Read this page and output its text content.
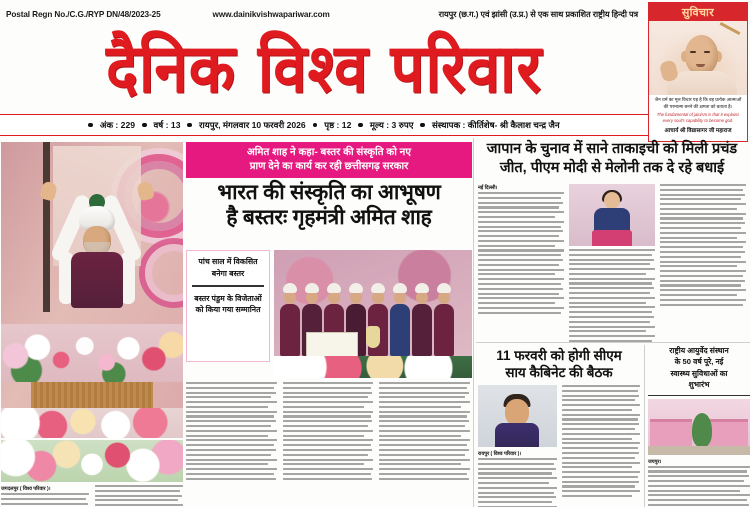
Postal Regn No./C.G./RYP DN/48/2023-25	www.dainikvishwapariwar.com	रायपुर (छ.ग.) एवं झांसी (उ.प्र.) से एक साथ प्रकाशित राष्ट्रीय हिन्दी पत्र
दैनिक विश्व परिवार
अंक : 229 वर्ष : 13 रायपुर, मंगलवार 10 फरवरी 2026 पृष्ठ : 12 मूल्य : 3 रुपए संस्थापक : कीर्तिशेष- श्री कैलाश चन्द्र जैन
सुविचार
जैन धर्म का मूल विचार यह है कि वह प्रत्येक आत्माओं की परमात्मा बनने की क्षमता को बताता है।
The fundamental of jainism is that it explains every soul's capability to become god.
आचार्य श्री विद्यासागर जी महाराज
अमित शाह ने कहा- बस्तर की संस्कृति को नए
प्राण देने का कार्य कर रही छत्तीसगढ़ सरकार
भारत की संस्कृति का आभूषण
है बस्तरः गृहमंत्री अमित शाह
पांच साल में विकसित बनेगा बस्तर
बस्तर पंडुम के विजेताओं को किया गया सम्मानित
जगदलपुर ( विश्व परिवार )।
जापान के चुनाव में साने ताकाइची को मिली प्रचंड
जीत, पीएम मोदी से मेलोनी तक दे रहे बधाई
नई दिल्ली।
11 फरवरी को होगी सीएम
साय कैबिनेट की बैठक
रायपुर ( विश्व परिवार )।
राष्ट्रीय आयुर्वेद संस्थान
के 50 वर्ष पूरे, नई
स्वास्थ्य सुविधाओं का
शुभारंभ
जयपुर।
